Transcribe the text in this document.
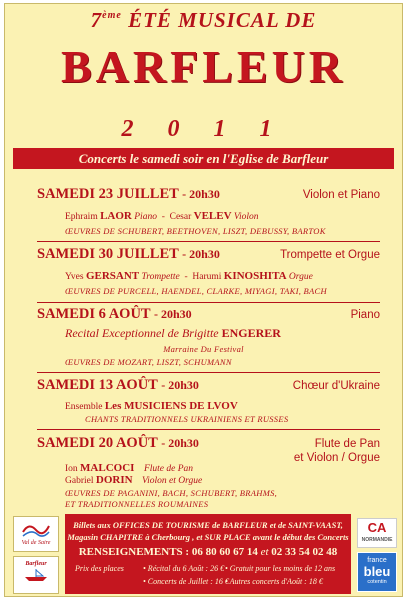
7ème ÉTÉ MUSICAL DE
BARFLEUR
2 0 1 1
Concerts le samedi soir en l'Eglise de Barfleur
SAMEDI 23 JUILLET - 20h30	Violon et Piano
Ephraim LAOR Piano  -  Cesar VELEV Violon
ŒUVRES DE SCHUBERT, BEETHOVEN, LISZT, DEBUSSY, BARTOK
SAMEDI 30 JUILLET - 20h30	Trompette et Orgue
Yves GERSANT Trompette  -  Harumi KINOSHITA Orgue
ŒUVRES DE PURCELL, HAENDEL, CLARKE, MIYAGI, TAKI, BACH
SAMEDI 6 AOÛT - 20h30	Piano
Recital Exceptionnel de Brigitte ENGERER
Marraine Du Festival
ŒUVRES DE MOZART, LISZT, SCHUMANN
SAMEDI 13 AOÛT - 20h30	Chœur d'Ukraine
Ensemble Les MUSICIENS DE LVOV
CHANTS TRADITIONNELS UKRAINIENS ET RUSSES
SAMEDI 20 AOÛT - 20h30	Flute de Pan
et Violon / Orgue
Ion MALCOCI Flute de Pan
Gabriel DORIN Violon et Orgue
ŒUVRES DE PAGANINI, BACH, SCHUBERT, BRAHMS,
ET TRADITIONNELLES ROUMAINES
Val de Saire
Barfleur
Billets aux OFFICES DE TOURISME de BARFLEUR et de SAINT-VAAST,
Magasin CHAPITRE à Cherbourg , et SUR PLACE avant le début des Concerts
RENSEIGNEMENTS : 06 80 60 67 14 et 02 33 54 02 48
Prix des places • Récital du 6 Août : 26 € • Gratuit pour les moins de 12 ans
• Concerts de Juillet : 16 €
• Autres concerts d'Août : 18 €
CA
NORMANDIE
france
bleu
cotentin
